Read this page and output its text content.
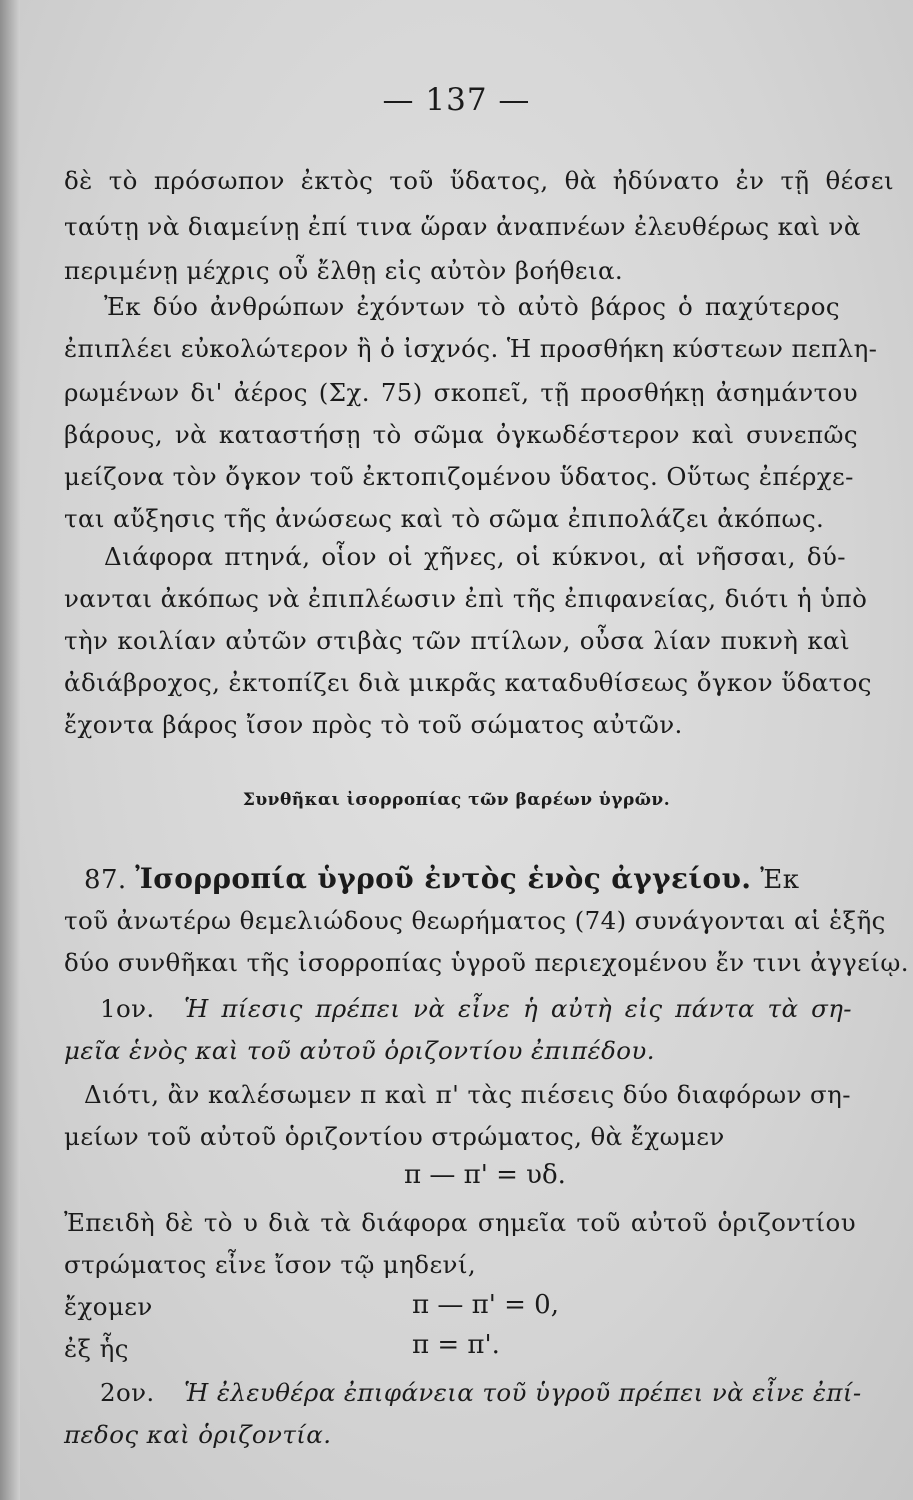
— 137 —
δὲ τὸ πρόσωπον ἐκτὸς τοῦ ὕδατος, θὰ ἠδύνατο ἐν τῇ θέσει
ταύτῃ νὰ διαμείνῃ ἐπί τινα ὥραν ἀναπνέων ἐλευθέρως καὶ νὰ
περιμένῃ μέχρις οὗ ἔλθῃ εἰς αὐτὸν βοήθεια.
Ἐκ δύο ἀνθρώπων ἐχόντων τὸ αὐτὸ βάρος ὁ παχύτερος
ἐπιπλέει εὐκολώτερον ἢ ὁ ἰσχνός. Ἡ προσθήκη κύστεων πεπλη-
ρωμένων δι' ἀέρος (Σχ. 75) σκοπεῖ, τῇ προσθήκῃ ἀσημάντου
βάρους, νὰ καταστήσῃ τὸ σῶμα ὀγκωδέστερον καὶ συνεπῶς
μείζονα τὸν ὄγκον τοῦ ἐκτοπιζομένου ὕδατος. Οὕτως ἐπέρχε-
ται αὔξησις τῆς ἀνώσεως καὶ τὸ σῶμα ἐπιπολάζει ἀκόπως.
Διάφορα πτηνά, οἷον οἱ χῆνες, οἱ κύκνοι, αἱ νῆσσαι, δύ-
νανται ἀκόπως νὰ ἐπιπλέωσιν ἐπὶ τῆς ἐπιφανείας, διότι ἡ ὑπὸ
τὴν κοιλίαν αὐτῶν στιβὰς τῶν πτίλων, οὖσα λίαν πυκνὴ καὶ
ἀδιάβροχος, ἐκτοπίζει διὰ μικρᾶς καταδυθίσεως ὄγκον ὕδατος
ἔχοντα βάρος ἴσον πρὸς τὸ τοῦ σώματος αὐτῶν.
Συνθῆκαι ἰσορροπίας τῶν βαρέων ὑγρῶν.
87. Ἰσορροπία ὑγροῦ ἐντὸς ἑνὸς ἀγγείου. Ἐκ
τοῦ ἀνωτέρω θεμελιώδους θεωρήματος (74) συνάγονται αἱ ἑξῆς
δύο συνθῆκαι τῆς ἰσορροπίας ὑγροῦ περιεχομένου ἔν τινι ἀγγείῳ.
1ον. Ἡ πίεσις πρέπει νὰ εἶνε ἡ αὐτὴ εἰς πάντα τὰ ση-
μεῖα ἑνὸς καὶ τοῦ αὐτοῦ ὁριζοντίου ἐπιπέδου.
Διότι, ἂν καλέσωμεν π καὶ π' τὰς πιέσεις δύο διαφόρων ση-
μείων τοῦ αὐτοῦ ὁριζοντίου στρώματος, θὰ ἔχωμεν
π — π' = υδ.
Ἐπειδὴ δὲ τὸ υ διὰ τὰ διάφορα σημεῖα τοῦ αὐτοῦ ὁριζοντίου
στρώματος εἶνε ἴσον τῷ μηδενί,
ἔχομεν	π — π' = 0,
ἐξ ἧς	π = π'.
2ον. Ἡ ἐλευθέρα ἐπιφάνεια τοῦ ὑγροῦ πρέπει νὰ εἶνε ἐπί-
πεδος καὶ ὁριζοντία.
